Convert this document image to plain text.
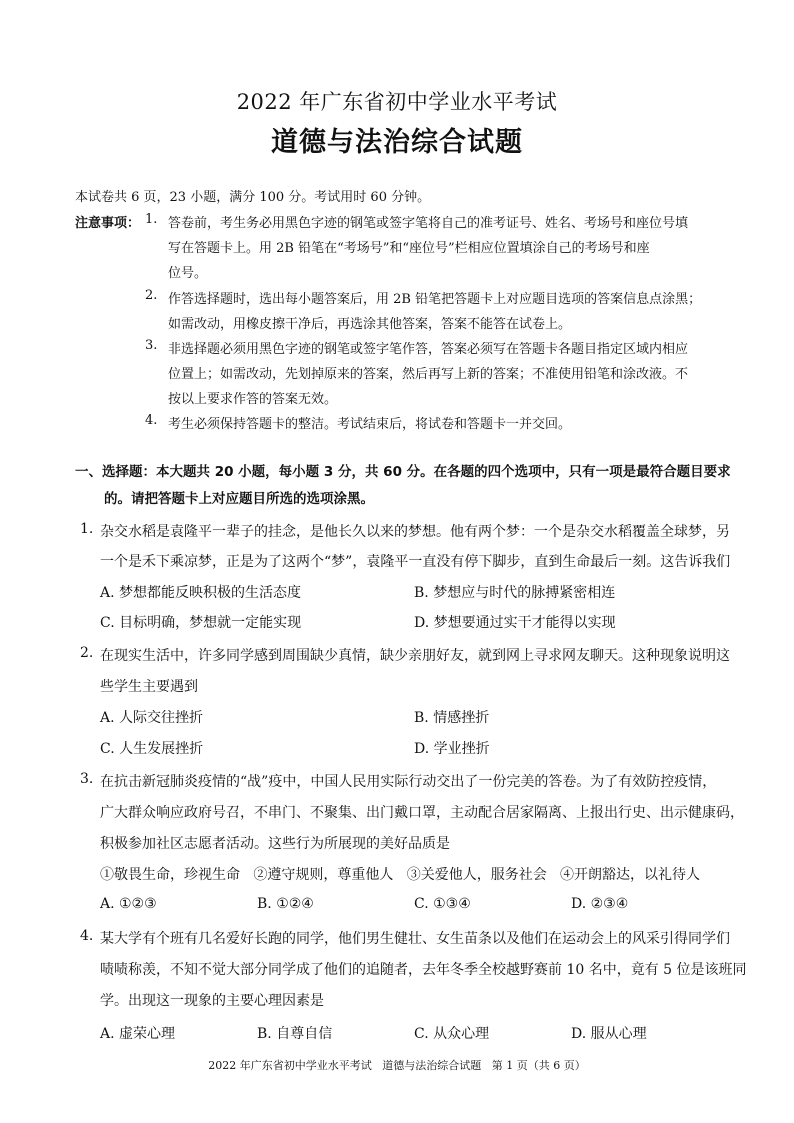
2022 年广东省初中学业水平考试
道德与法治综合试题
本试卷共 6 页，23 小题，满分 100 分。考试用时 60 分钟。
注意事项： 1. 答卷前，考生务必用黑色字迹的钢笔或签字笔将自己的准考证号、姓名、考场号和座位号填
写在答题卡上。用 2B 铅笔在“考场号”和“座位号”栏相应位置填涂自己的考场号和座
位号。
2. 作答选择题时，选出每小题答案后，用 2B 铅笔把答题卡上对应题目选项的答案信息点涂黑；
如需改动，用橡皮擦干净后，再选涂其他答案，答案不能答在试卷上。
3. 非选择题必须用黑色字迹的钢笔或签字笔作答，答案必须写在答题卡各题目指定区域内相应
位置上；如需改动，先划掉原来的答案，然后再写上新的答案；不准使用铅笔和涂改液。不
按以上要求作答的答案无效。
4. 考生必须保持答题卡的整洁。考试结束后，将试卷和答题卡一并交回。
一、选择题：本大题共 20 小题，每小题 3 分，共 60 分。在各题的四个选项中，只有一项是最符合题目要求
的。请把答题卡上对应题目所选的选项涂黑。
1. 杂交水稻是袁隆平一辈子的挂念，是他长久以来的梦想。他有两个梦：一个是杂交水稻覆盖全球梦，另
一个是禾下乘凉梦，正是为了这两个“梦”，袁隆平一直没有停下脚步，直到生命最后一刻。这告诉我们
A. 梦想都能反映积极的生活态度	B. 梦想应与时代的脉搏紧密相连
C. 目标明确，梦想就一定能实现	D. 梦想要通过实干才能得以实现
2. 在现实生活中，许多同学感到周围缺少真情，缺少亲朋好友，就到网上寻求网友聊天。这种现象说明这
些学生主要遇到
A. 人际交往挫折	B. 情感挫折
C. 人生发展挫折	D. 学业挫折
3. 在抗击新冠肺炎疫情的“战”疫中，中国人民用实际行动交出了一份完美的答卷。为了有效防控疫情，
广大群众响应政府号召，不串门、不聚集、出门戴口罩，主动配合居家隔离、上报出行史、出示健康码，
积极参加社区志愿者活动。这些行为所展现的美好品质是
①敬畏生命，珍视生命   ②遵守规则，尊重他人   ③关爱他人，服务社会   ④开朗豁达，以礼待人
A. ①②③	B. ①②④	C. ①③④	D. ②③④
4. 某大学有个班有几名爱好长跑的同学，他们男生健壮、女生苗条以及他们在运动会上的风采引得同学们
啧啧称羡，不知不觉大部分同学成了他们的追随者，去年冬季全校越野赛前 10 名中，竟有 5 位是该班同
学。出现这一现象的主要心理因素是
A. 虚荣心理	B. 自尊自信	C. 从众心理	D. 服从心理
2022 年广东省初中学业水平考试   道德与法治综合试题   第 1 页（共 6 页）
